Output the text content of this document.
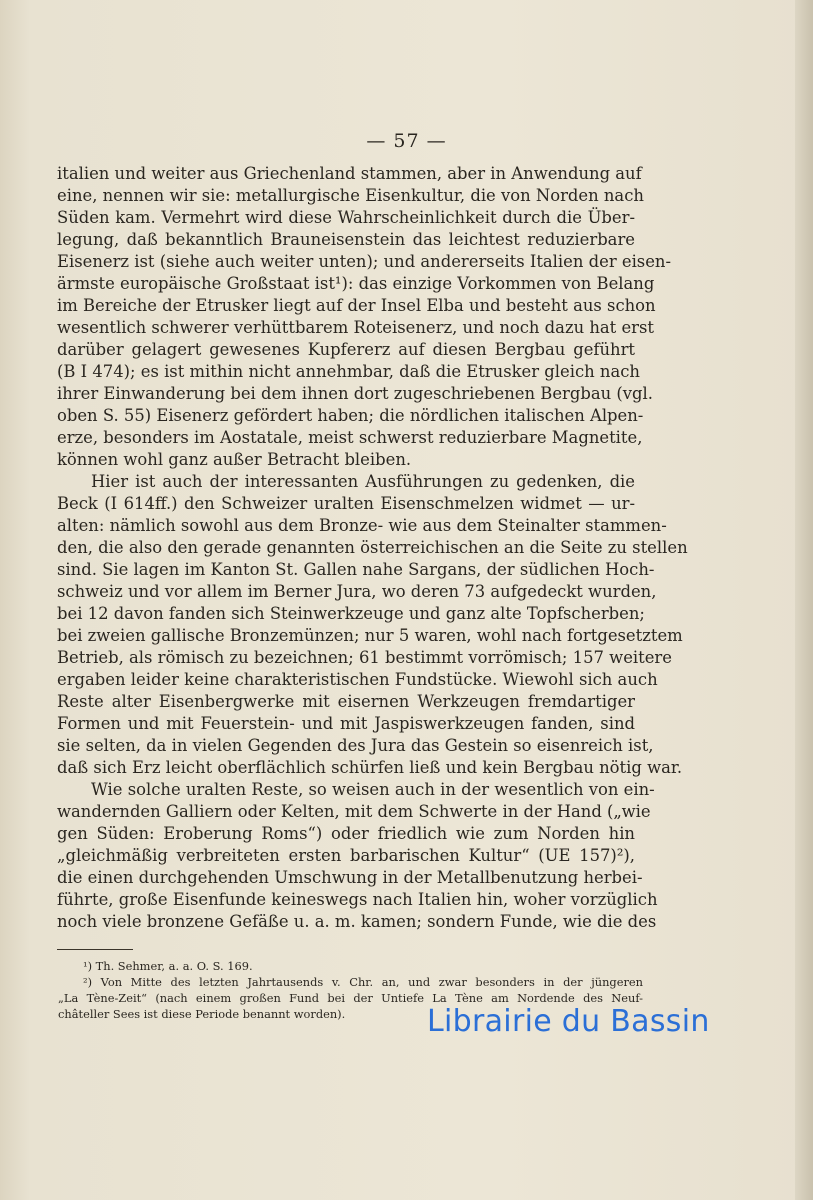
— 57 —
italien und weiter aus Griechenland stammen, aber in Anwendung auf
eine, nennen wir sie: metallurgische Eisenkultur, die von Norden nach
Süden kam. Vermehrt wird diese Wahrscheinlichkeit durch die Über-
legung, daß bekanntlich Brauneisenstein das leichtest reduzierbare
Eisenerz ist (siehe auch weiter unten); und andererseits Italien der eisen-
ärmste europäische Großstaat ist¹): das einzige Vorkommen von Belang
im Bereiche der Etrusker liegt auf der Insel Elba und besteht aus schon
wesentlich schwerer verhüttbarem Roteisenerz, und noch dazu hat erst
darüber gelagert gewesenes Kupfererz auf diesen Bergbau geführt
(B I 474); es ist mithin nicht annehmbar, daß die Etrusker gleich nach
ihrer Einwanderung bei dem ihnen dort zugeschriebenen Bergbau (vgl.
oben S. 55) Eisenerz gefördert haben; die nördlichen italischen Alpen-
erze, besonders im Aostatale, meist schwerst reduzierbare Magnetite,
können wohl ganz außer Betracht bleiben.
Hier ist auch der interessanten Ausführungen zu gedenken, die
Beck (I 614ff.) den Schweizer uralten Eisenschmelzen widmet — ur-
alten: nämlich sowohl aus dem Bronze- wie aus dem Steinalter stammen-
den, die also den gerade genannten österreichischen an die Seite zu stellen
sind. Sie lagen im Kanton St. Gallen nahe Sargans, der südlichen Hoch-
schweiz und vor allem im Berner Jura, wo deren 73 aufgedeckt wurden,
bei 12 davon fanden sich Steinwerkzeuge und ganz alte Topfscherben;
bei zweien gallische Bronzemünzen; nur 5 waren, wohl nach fortgesetztem
Betrieb, als römisch zu bezeichnen; 61 bestimmt vorrömisch; 157 weitere
ergaben leider keine charakteristischen Fundstücke. Wiewohl sich auch
Reste alter Eisenbergwerke mit eisernen Werkzeugen fremdartiger
Formen und mit Feuerstein- und mit Jaspiswerkzeugen fanden, sind
sie selten, da in vielen Gegenden des Jura das Gestein so eisenreich ist,
daß sich Erz leicht oberflächlich schürfen ließ und kein Bergbau nötig war.
Wie solche uralten Reste, so weisen auch in der wesentlich von ein-
wandernden Galliern oder Kelten, mit dem Schwerte in der Hand („wie
gen Süden: Eroberung Roms“) oder friedlich wie zum Norden hin
„gleichmäßig verbreiteten ersten barbarischen Kultur“ (UE 157)²),
die einen durchgehenden Umschwung in der Metallbenutzung herbei-
führte, große Eisenfunde keineswegs nach Italien hin, woher vorzüglich
noch viele bronzene Gefäße u. a. m. kamen; sondern Funde, wie die des
¹) Th. Sehmer, a. a. O. S. 169.
²) Von Mitte des letzten Jahrtausends v. Chr. an, und zwar besonders in der jüngeren
„La Tène-Zeit“ (nach einem großen Fund bei der Untiefe La Tène am Nordende des Neuf-
châteller Sees ist diese Periode benannt worden).	Librairie du Bassin
